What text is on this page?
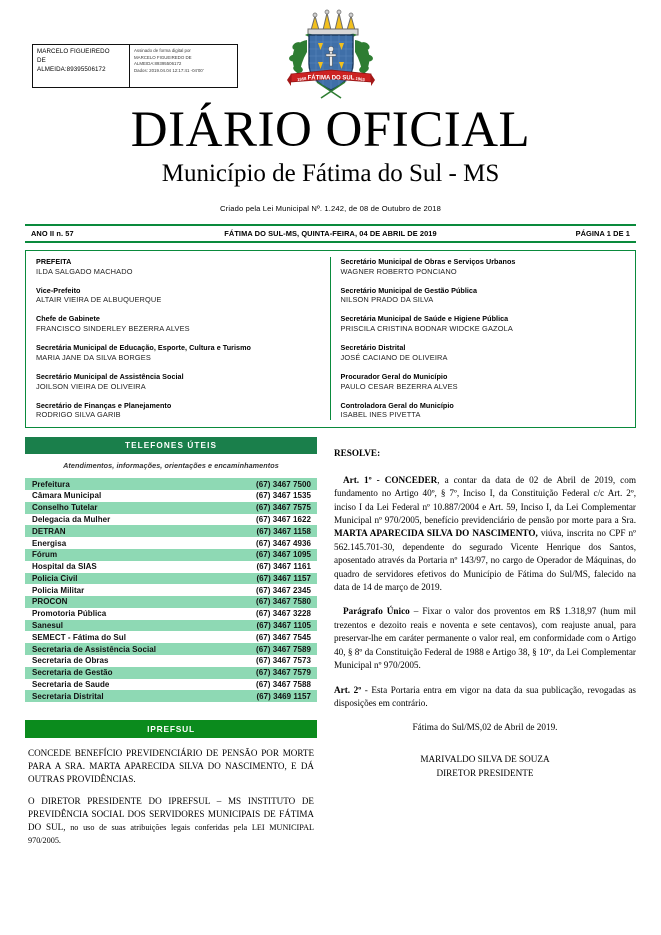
FÁTIMA DO SUL
1958	1963
MARCELO FIGUEIREDO
DE
ALMEIDA:89395506172
Assinado de forma digital por
MARCELO FIGUEIREDO DE
ALMEIDA:89395506172
Dados: 2019.04.04 12:17:41 -04'00'
DIÁRIO OFICIAL
Município de Fátima do Sul - MS
Criado pela Lei Municipal Nº. 1.242, de 08 de Outubro de 2018
ANO II n. 57	FÁTIMA DO SUL-MS, QUINTA-FEIRA, 04 DE ABRIL DE 2019	PÁGINA 1 DE 1
PREFEITA
ILDA SALGADO MACHADO
Vice-Prefeito
ALTAIR VIEIRA DE ALBUQUERQUE
Chefe de Gabinete
FRANCISCO SINDERLEY BEZERRA ALVES
Secretária Municipal de Educação, Esporte, Cultura e Turismo
MARIA JANE DA SILVA BORGES
Secretário Municipal de Assistência Social
JOILSON VIEIRA DE OLIVEIRA
Secretário de Finanças e Planejamento
RODRIGO SILVA GARIB
Secretário Municipal de Obras e Serviços Urbanos
WAGNER ROBERTO PONCIANO
Secretário Municipal de Gestão Pública
NILSON PRADO DA SILVA
Secretária Municipal de Saúde e Higiene Pública
PRISCILA CRISTINA BODNAR WIDCKE GAZOLA
Secretário Distrital
JOSÉ CACIANO DE OLIVEIRA
Procurador Geral do Município
PAULO CESAR BEZERRA ALVES
Controladora Geral do Município
ISABEL INES PIVETTA
TELEFONES ÚTEIS
Atendimentos, informações, orientações e encaminhamentos
Prefeitura	(67) 3467 7500
Câmara Municipal	(67) 3467 1535
Conselho Tutelar	(67) 3467 7575
Delegacia da Mulher	(67) 3467 1622
DETRAN	(67) 3467 1158
Energisa	(67) 3467 4936
Fórum	(67) 3467 1095
Hospital da SIAS	(67) 3467 1161
Policia Civil	(67) 3467 1157
Policia Militar	(67) 3467 2345
PROCON	(67) 3467 7580
Promotoria Pública	(67) 3467 3228
Sanesul	(67) 3467 1105
SEMECT - Fátima do Sul	(67) 3467 7545
Secretaria de Assistência Social	(67) 3467 7589
Secretaria de Obras	(67) 3467 7573
Secretaria de Gestão	(67) 3467 7579
Secretaria de Saude	(67) 3467 7588
Secretaria Distrital	(67) 3469 1157
IPREFSUL

CONCEDE BENEFÍCIO PREVIDENCIÁRIO DE PENSÃO POR MORTE PARA A SRA. MARTA APARECIDA SILVA DO NASCIMENTO, E DÁ OUTRAS PROVIDÊNCIAS.

O DIRETOR PRESIDENTE DO IPREFSUL – MS INSTITUTO DE PREVIDÊNCIA SOCIAL DOS SERVIDORES MUNICIPAIS DE FÁTIMA DO SUL, no uso de suas atribuições legais conferidas pela LEI MUNICIPAL 970/2005.

RESOLVE:

Art. 1º - CONCEDER, a contar da data de 02 de Abril de 2019, com fundamento no Artigo 40º, § 7º, Inciso I, da Constituição Federal c/c Art. 2º, inciso I da Lei Federal nº 10.887/2004 e Art. 59, Inciso I, da Lei Complementar Municipal nº 970/2005, benefício previdenciário de pensão por morte para a Sra. MARTA APARECIDA SILVA DO NASCIMENTO, viúva, inscrita no CPF nº 562.145.701-30, dependente do segurado Vicente Henrique dos Santos, aposentado através da Portaria nº 143/97, no cargo de Operador de Máquinas, do quadro de servidores efetivos do Município de Fátima do Sul/MS, falecido na data de 14 de março de 2019.

Parágrafo Único – Fixar o valor dos proventos em R$ 1.318,97 (hum mil trezentos e dezoito reais e noventa e sete centavos), com reajuste anual, para preservar-lhe em caráter permanente o valor real, em conformidade com o Artigo 40, § 8º da Constituição Federal de 1988 e Artigo 38, § 10º, da Lei Complementar Municipal nº 970/2005.

Art. 2º - Esta Portaria entra em vigor na data da sua publicação, revogadas as disposições em contrário.

Fátima do Sul/MS,02 de Abril de 2019.

MARIVALDO SILVA DE SOUZA
DIRETOR PRESIDENTE
